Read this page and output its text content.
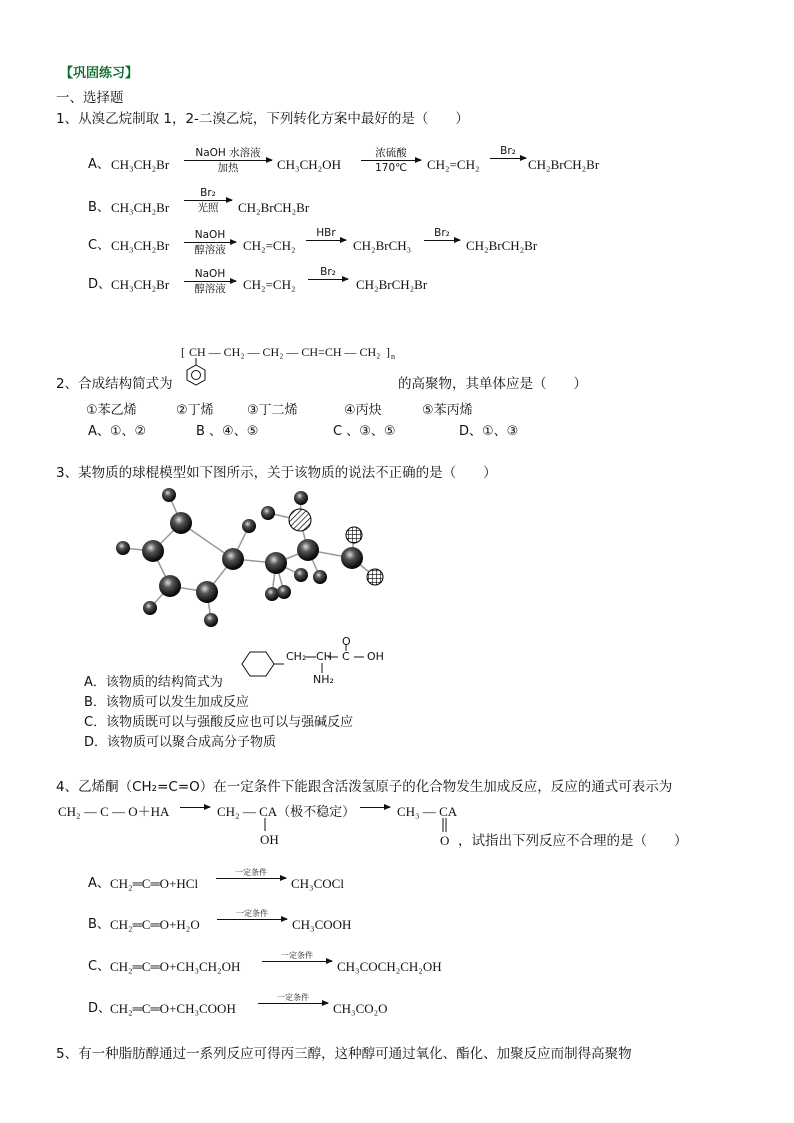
【巩固练习】
一、选择题
1、从溴乙烷制取 1，2-二溴乙烷，下列转化方案中最好的是（　　）
A、 CH₃CH₂Br
NaOH 水溶液
加热	CH₃CH₂OH
浓硫酸
170℃	CH₂=CH₂
Br₂
CH₂BrCH₂Br
B、 CH₃CH₂Br
Br₂
光照	CH₂BrCH₂Br
C、 CH₃CH₂Br
NaOH
醇溶液	CH₂=CH₂
HBr
CH₂BrCH₃
Br₂
CH₂BrCH₂Br
D、 CH₃CH₂Br
NaOH
醇溶液	CH₂=CH₂
Br₂
CH₂BrCH₂Br
[ CH — CH₂ — CH₂ — CH=CH — CH₂ ] n
2、合成结构简式为	的高聚物，其单体应是（　　）
①苯乙烯	②丁烯	③丁二烯	④丙炔	⑤苯丙烯
A、①、②	B 、④、⑤	C 、③、⑤	D、①、③
3、某物质的球棍模型如下图所示，关于该物质的说法不正确的是（　　）
CH₂ CH C OH
O
NH₂
A．该物质的结构简式为
B．该物质可以发生加成反应
C．该物质既可以与强酸反应也可以与强碱反应
D．该物质可以聚合成高分子物质
4、乙烯酮（CH₂=C=O）在一定条件下能跟含活泼氢原子的化合物发生加成反应，反应的通式可表示为
CH₂ — C — O＋HA → CH₂ — CA（极不稳定）
OH
→ CH₃ — CA
O ，试指出下列反应不合理的是（　　）
A、 CH₂═C═O+HCl
一定条件
CH₃COCl
B、 CH₂═C═O+H₂O
一定条件
CH₃COOH
C、 CH₂═C═O+CH₃CH₂OH
一定条件
CH₃COCH₂CH₂OH
D、
CH₂═C═O+CH₃COOH
一定条件
CH₃CO₂O
5、有一种脂肪醇通过一系列反应可得丙三醇，这种醇可通过氧化、酯化、加聚反应而制得高聚物
